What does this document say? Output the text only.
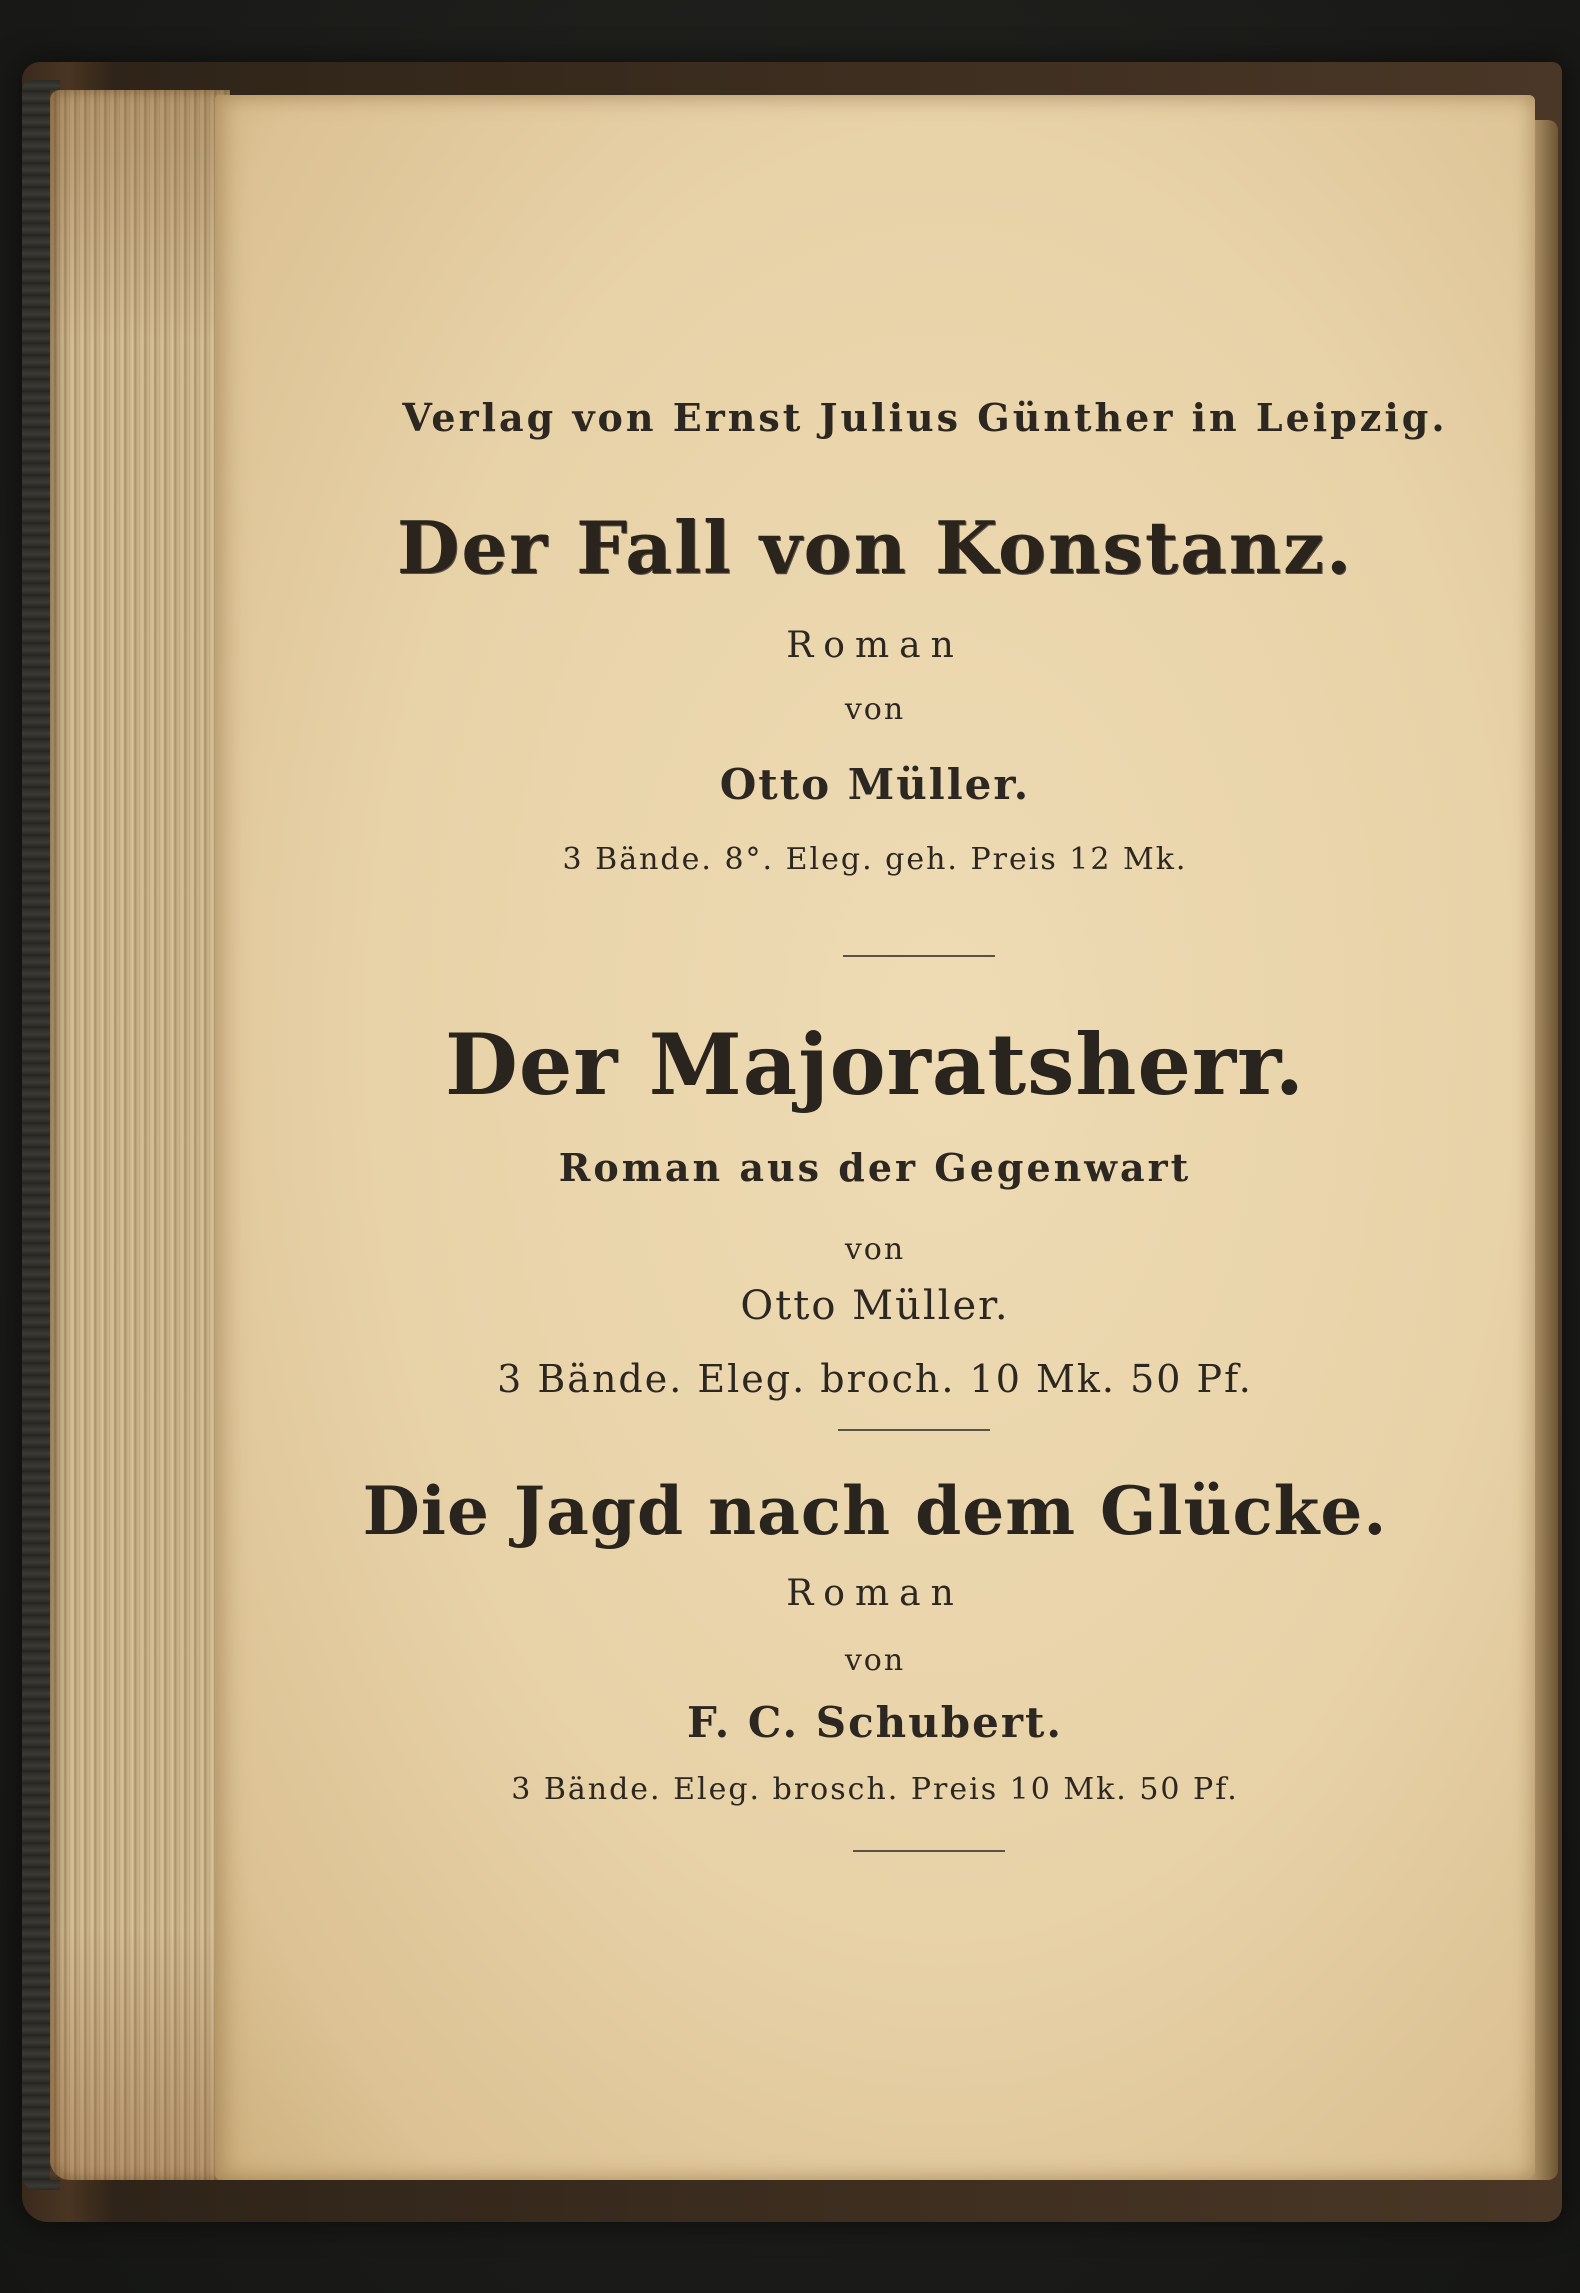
Verlag von Ernst Julius Günther in Leipzig.
Der Fall von Konstanz.
Roman
von
Otto Müller.
3 Bände. 8°. Eleg. geh. Preis 12 Mk.
Der Majoratsherr.
Roman aus der Gegenwart
von
Otto Müller.
3 Bände. Eleg. broch. 10 Mk. 50 Pf.
Die Jagd nach dem Glücke.
Roman
von
F. C. Schubert.
3 Bände. Eleg. brosch. Preis 10 Mk. 50 Pf.
